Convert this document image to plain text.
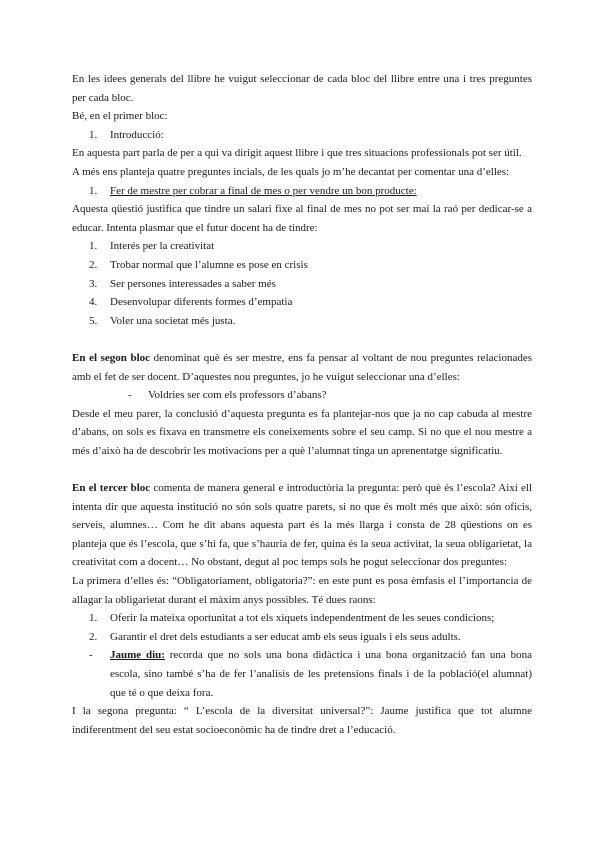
En les idees generals del llibre he vuigut seleccionar de cada bloc del llibre entre una i tres preguntes per cada bloc.

Bé, en el primer bloc:

1. Introducció:

En aquesta part parla de per a qui va dirigit aquest llibre i que tres situacions professionals pot ser útil.

A més ens planteja quatre preguntes incials, de les quals jo m’he decantat per comentar una d’elles:

1. Fer de mestre per cobrar a final de mes o per vendre un bon producte:

Aquesta qüestió justifica que tindre un salari fixe al final de mes no pot ser mai la raó per dedicar-se a educar. Intenta plasmar que el futur docent ha de tindre:

1. Interés per la creativitat
2. Trobar normal que l’alumne es pose en crisis
3. Ser persones interessades a saber més
4. Desenvolupar diferents formes d’empatia
5. Voler una societat més justa.

En el segon bloc denominat què és ser mestre, ens fa pensar al voltant de nou preguntes relacionades amb el fet de ser docent. D’aquestes nou preguntes, jo he vuigut seleccionar una d’elles:

- Voldries ser com els professors d’abans?

Desde el meu parer, la conclusió d’aquesta pregunta es fa plantejar-nos que ja no cap cabuda al mestre d’abans, on sols es fixava en transmetre els coneixements sobre el seu camp. Si no que el nou mestre a més d’això ha de descobrir les motivacions per a què l’alumnat tinga un aprenentatge significatiu.

En el tercer bloc comenta de manera general e introductòria la pregunta: però què és l’escola? Així ell intenta dir que aquesta institució no són sols quatre parets, si no que és molt més que això: són oficis, serveis, alumnes… Com he dit abans aquesta part és la més llarga i consta de 28 qüestions on es planteja que és l’escola, que s’hi fa, que s’hauria de fer, quina és la seua activitat, la seua obligarietat, la creativitat com a docent… No obstant, degut al poc temps sols he pogut seleccionar dos preguntes:

La primera d’elles és: “Obligatoriament, obligatoria?”: en este punt es posa èmfasis el l’importancia de allagar la obligarietat durant el màxim anys possibles. Té dues raons:

1. Oferir la mateixa oportunitat a tot els xiquets independentment de les seues condicions;
2. Garantir el dret dels estudiants a ser educat amb els seus iguals i els seus adults.
- Jaume diu: recorda que no sols una bona didàctica i una bona organització fan una bona escola, sino també s’ha de fer l’analisis de les pretensions finals i de la població(el alumnat) que té o que deixa fora.

I la segona pregunta: “ L’escola de la diversitat universal?”: Jaume justifica que tot alumne indiferentment del seu estat socioeconòmic ha de tindre dret a l’educació.
